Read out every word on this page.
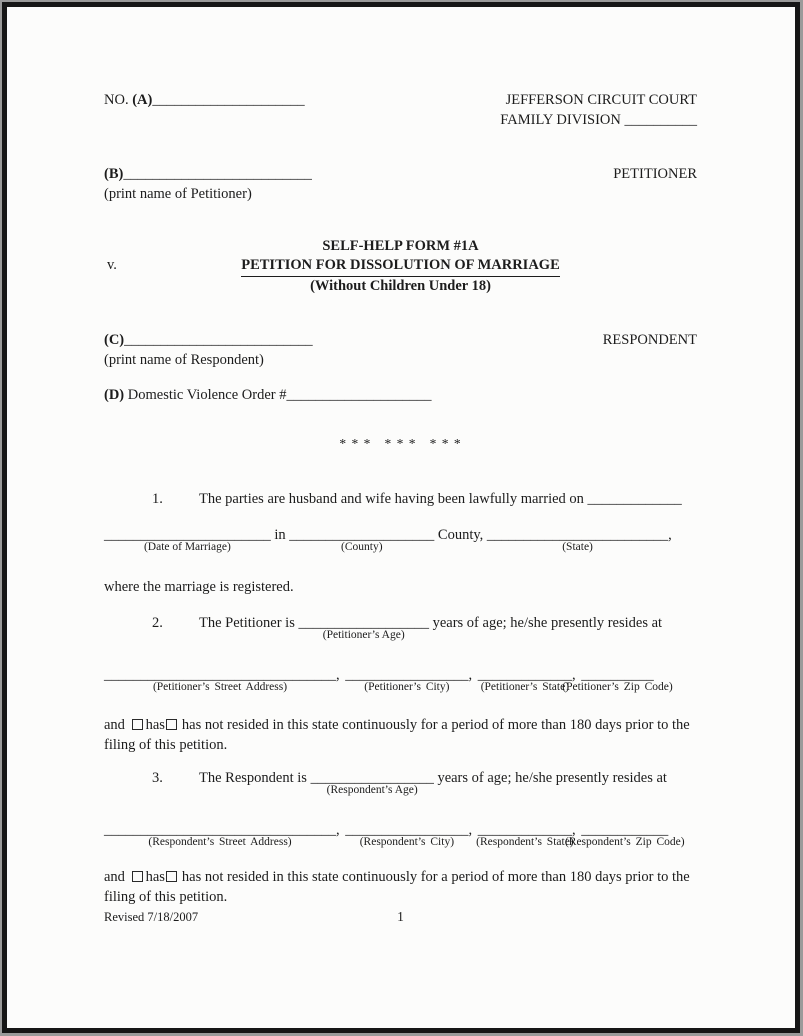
NO. (A)_____________________	JEFFERSON CIRCUIT COURT
FAMILY DIVISION __________
(B)__________________________	PETITIONER
(print name of Petitioner)
v.
SELF-HELP FORM #1A
PETITION FOR DISSOLUTION OF MARRIAGE
(Without Children Under 18)
(C)__________________________	RESPONDENT
(print name of Respondent)
(D) Domestic Violence Order #____________________
* * *   * * *   * * *
1. The parties are husband and wife having been lawfully married on _____________
_______________________
(Date of Marriage)
in ____________________
(County)
County, _________________________
(State)
,
where the marriage is registered.
2. The Petitioner is __________________
(Petitioner’s Age)
years of age; he/she presently resides at
________________________________
(Petitioner’s Street Address)
, _________________
(Petitioner’s City)
, _____________
(Petitioner’s State)
, __________
(Petitioner’s Zip Code)
and has has not resided in this state continuously for a period of more than 180 days prior to the filing of this petition.
3. The Respondent is _________________
(Respondent’s Age)
years of age; he/she presently resides at
________________________________
(Respondent’s Street Address)
, _________________
(Respondent’s City)
, _____________
(Respondent’s State)
, ____________
(Respondent’s Zip Code)
and has has not resided in this state continuously for a period of more than 180 days prior to the filing of this petition.
Revised 7/18/2007	1
